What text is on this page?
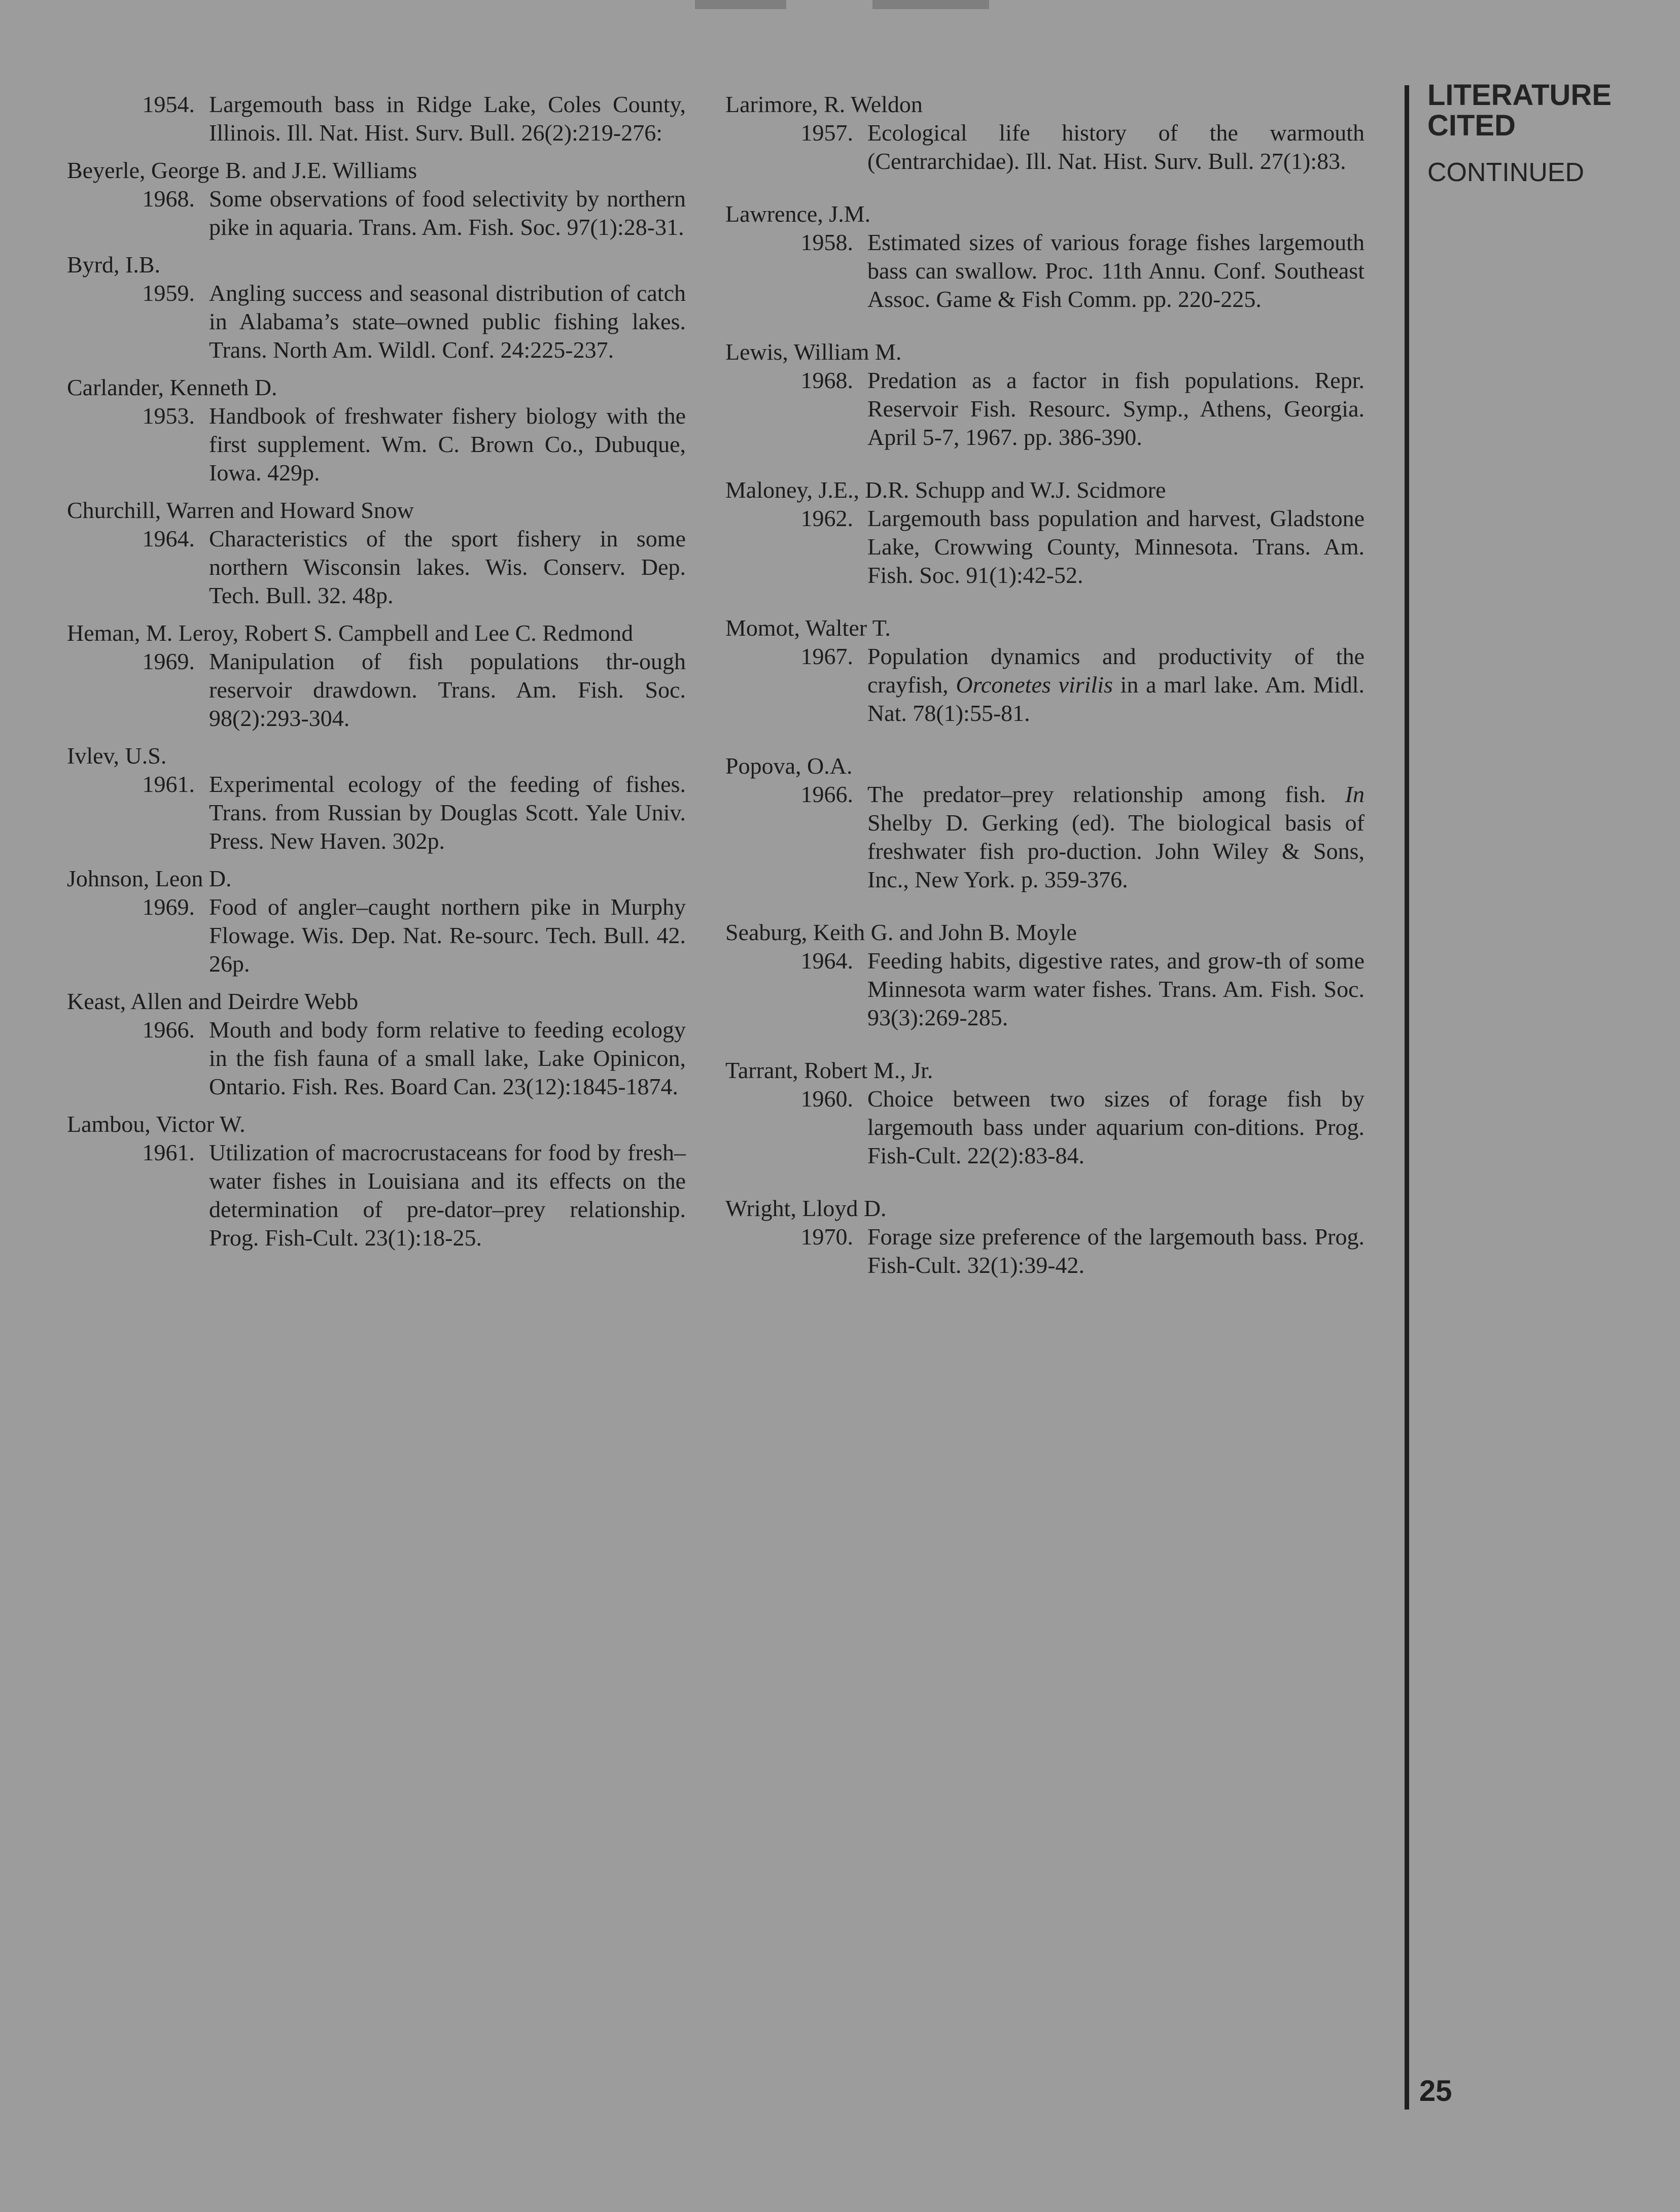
1954. Largemouth bass in Ridge Lake, Coles County, Illinois. Ill. Nat. Hist. Surv. Bull. 26(2):219-276:
Beyerle, George B. and J.E. Williams
1968. Some observations of food selectivity by northern pike in aquaria. Trans. Am. Fish. Soc. 97(1):28-31.
Byrd, I.B.
1959. Angling success and seasonal distribution of catch in Alabama’s state–owned public fishing lakes. Trans. North Am. Wildl. Conf. 24:225-237.
Carlander, Kenneth D.
1953. Handbook of freshwater fishery biology with the first supplement. Wm. C. Brown Co., Dubuque, Iowa. 429p.
Churchill, Warren and Howard Snow
1964. Characteristics of the sport fishery in some northern Wisconsin lakes. Wis. Conserv. Dep. Tech. Bull. 32. 48p.
Heman, M. Leroy, Robert S. Campbell and Lee C. Redmond
1969. Manipulation of fish populations thr-ough reservoir drawdown. Trans. Am. Fish. Soc. 98(2):293-304.
Ivlev, U.S.
1961. Experimental ecology of the feeding of fishes. Trans. from Russian by Douglas Scott. Yale Univ. Press. New Haven. 302p.
Johnson, Leon D.
1969. Food of angler–caught northern pike in Murphy Flowage. Wis. Dep. Nat. Re-sourc. Tech. Bull. 42. 26p.
Keast, Allen and Deirdre Webb
1966. Mouth and body form relative to feeding ecology in the fish fauna of a small lake, Lake Opinicon, Ontario. Fish. Res. Board Can. 23(12):1845-1874.
Lambou, Victor W.
1961. Utilization of macrocrustaceans for food by fresh–water fishes in Louisiana and its effects on the determination of pre-dator–prey relationship. Prog. Fish-Cult. 23(1):18-25.
Larimore, R. Weldon
1957. Ecological life history of the warmouth (Centrarchidae). Ill. Nat. Hist. Surv. Bull. 27(1):83.
Lawrence, J.M.
1958. Estimated sizes of various forage fishes largemouth bass can swallow. Proc. 11th Annu. Conf. Southeast Assoc. Game & Fish Comm. pp. 220-225.
Lewis, William M.
1968. Predation as a factor in fish populations. Repr. Reservoir Fish. Resourc. Symp., Athens, Georgia. April 5-7, 1967. pp. 386-390.
Maloney, J.E., D.R. Schupp and W.J. Scidmore
1962. Largemouth bass population and harvest, Gladstone Lake, Crowwing County, Minnesota. Trans. Am. Fish. Soc. 91(1):42-52.
Momot, Walter T.
1967. Population dynamics and productivity of the crayfish, Orconetes virilis in a marl lake. Am. Midl. Nat. 78(1):55-81.
Popova, O.A.
1966. The predator–prey relationship among fish. In Shelby D. Gerking (ed). The biological basis of freshwater fish pro-duction. John Wiley & Sons, Inc., New York. p. 359-376.
Seaburg, Keith G. and John B. Moyle
1964. Feeding habits, digestive rates, and grow-th of some Minnesota warm water fishes. Trans. Am. Fish. Soc. 93(3):269-285.
Tarrant, Robert M., Jr.
1960. Choice between two sizes of forage fish by largemouth bass under aquarium con-ditions. Prog. Fish-Cult. 22(2):83-84.
Wright, Lloyd D.
1970. Forage size preference of the largemouth bass. Prog. Fish-Cult. 32(1):39-42.
LITERATURE
CITED
CONTINUED
25
